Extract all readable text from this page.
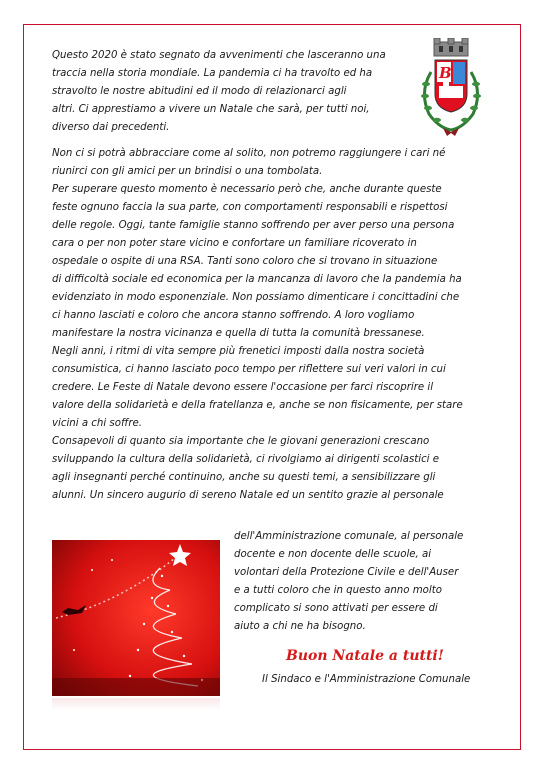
Questo 2020 è stato segnato da avvenimenti che lasceranno una

traccia nella storia mondiale. La pandemia ci ha travolto ed ha

stravolto le nostre abitudini ed il modo di relazionarci agli

altri. Ci apprestiamo a vivere un Natale che sarà, per tutti noi,

diverso dai precedenti.

B

Non ci si potrà abbracciare come al solito, non potremo raggiungere i cari né

riunirci con gli amici per un brindisi o una tombolata.

Per superare questo momento è necessario però che, anche durante queste

feste ognuno faccia la sua parte, con comportamenti responsabili e rispettosi

delle regole. Oggi, tante famiglie stanno soffrendo per aver perso una persona

cara o per non poter stare vicino e confortare un familiare ricoverato in

ospedale o ospite di una RSA. Tanti sono coloro che si trovano in situazione

di difficoltà sociale ed economica per la mancanza di lavoro che la pandemia ha

evidenziato in modo esponenziale. Non possiamo dimenticare i concittadini che

ci hanno lasciati e coloro che ancora stanno soffrendo. A loro vogliamo

manifestare la nostra vicinanza e quella di tutta la comunità bressanese.

Negli anni, i ritmi di vita sempre più frenetici imposti dalla nostra società

consumistica, ci hanno lasciato poco tempo per riflettere sui veri valori in cui

credere. Le Feste di Natale devono essere l'occasione per farci riscoprire il

valore della solidarietà e della fratellanza e, anche se non fisicamente, per stare

vicini a chi soffre.

Consapevoli di quanto sia importante che le giovani generazioni crescano

sviluppando la cultura della solidarietà, ci rivolgiamo ai dirigenti scolastici e

agli insegnanti perché continuino, anche su questi temi, a sensibilizzare gli

alunni. Un sincero augurio di sereno Natale ed un sentito grazie al personale

dell'Amministrazione comunale, al personale

docente e non docente delle scuole, ai

volontari della Protezione Civile e dell'Auser

e a tutti coloro che in questo anno molto

complicato si sono attivati per essere di

aiuto a chi ne ha bisogno.

Buon Natale a tutti!
Il Sindaco e l'Amministrazione Comunale
